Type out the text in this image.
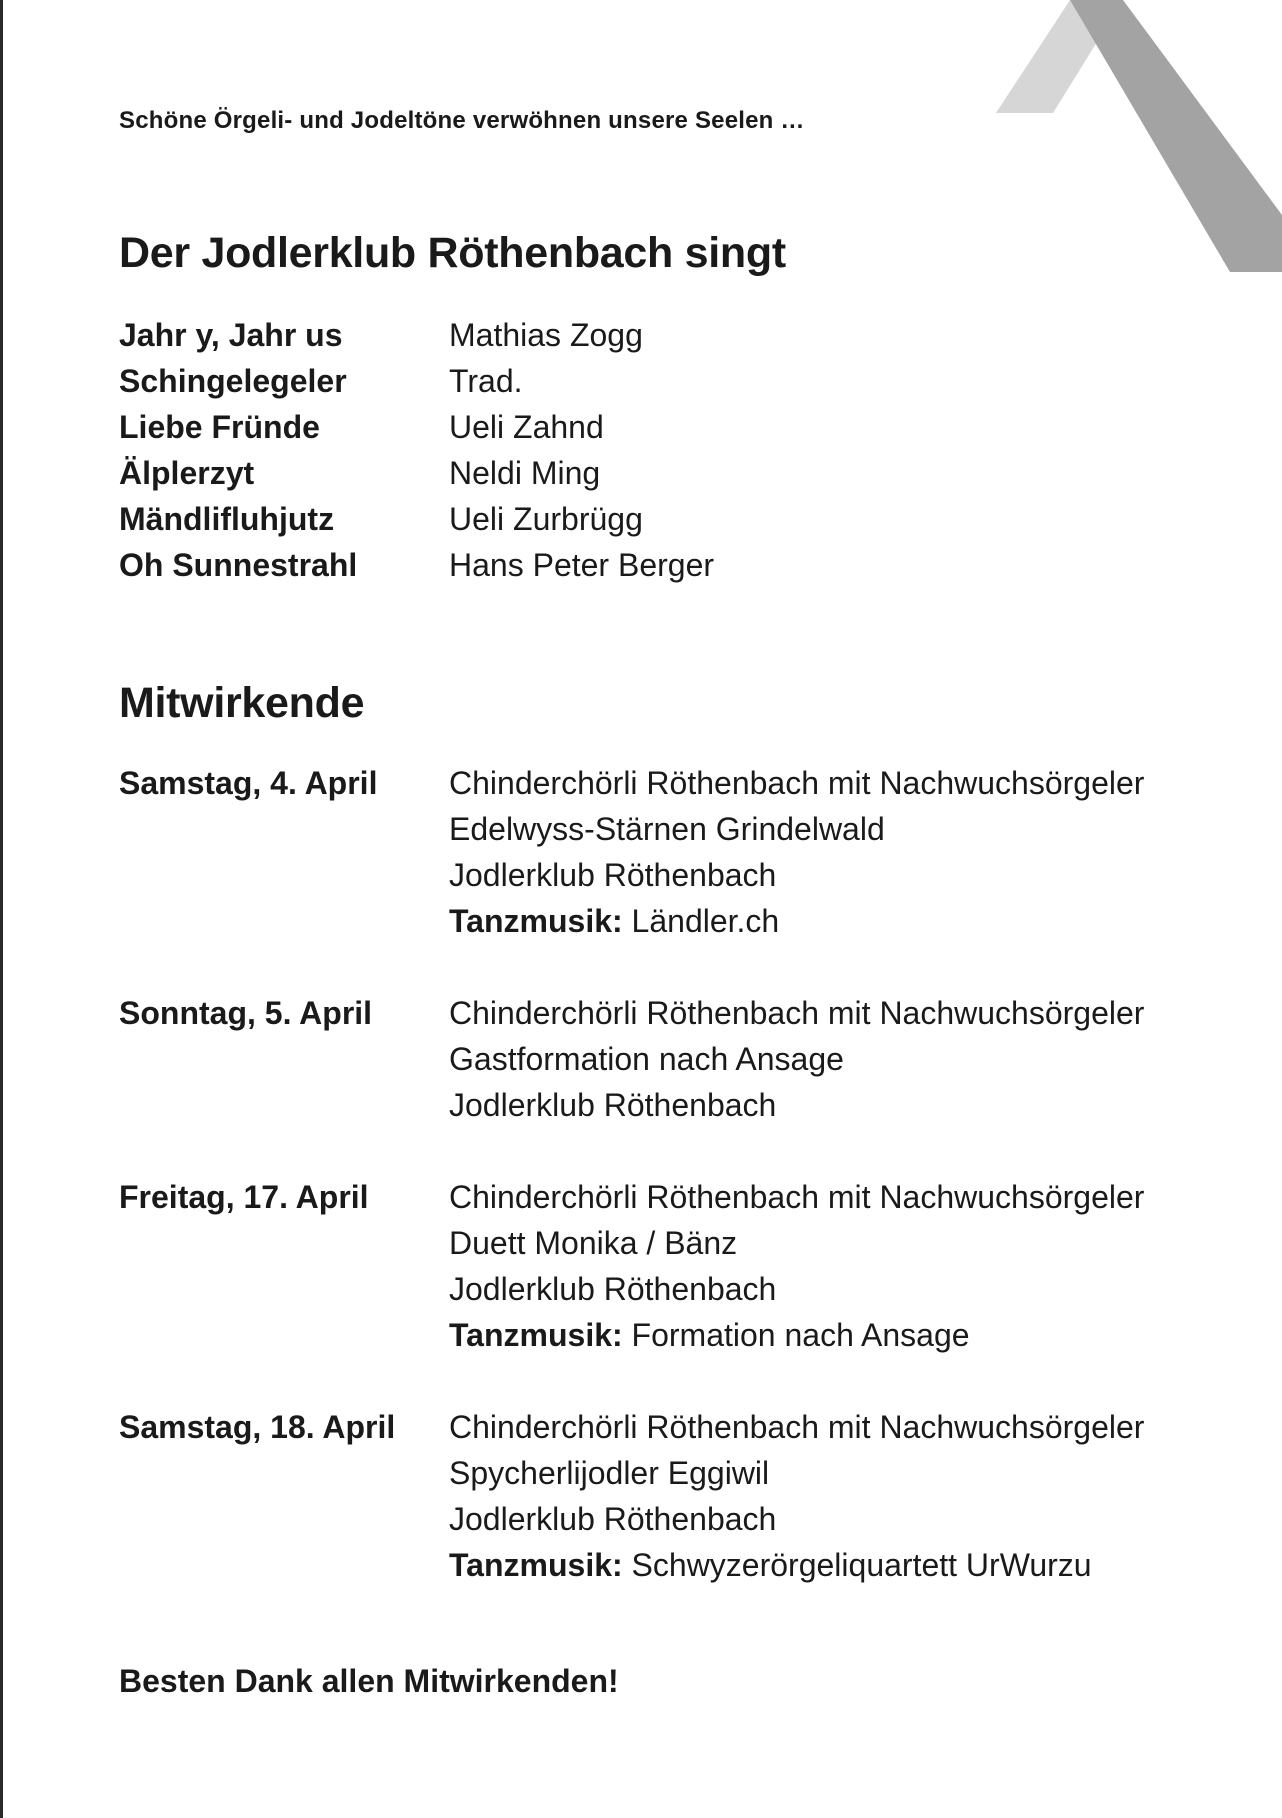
Schöne Örgeli- und Jodeltöne verwöhnen unsere Seelen …

Der Jodlerklub Röthenbach singt
Jahr y, Jahr us	Mathias Zogg
Schingelegeler	Trad.
Liebe Fründe	Ueli Zahnd
Älplerzyt	Neldi Ming
Mändlifluhjutz	Ueli Zurbrügg
Oh Sunnestrahl	Hans Peter Berger
Mitwirkende
Samstag, 4. April	Chinderchörli Röthenbach mit Nachwuchsörgeler
Edelwyss-Stärnen Grindelwald
Jodlerklub Röthenbach
Tanzmusik: Ländler.ch
Sonntag, 5. April	Chinderchörli Röthenbach mit Nachwuchsörgeler
Gastformation nach Ansage
Jodlerklub Röthenbach
Freitag, 17. April	Chinderchörli Röthenbach mit Nachwuchsörgeler
Duett Monika / Bänz
Jodlerklub Röthenbach
Tanzmusik: Formation nach Ansage
Samstag, 18. April	Chinderchörli Röthenbach mit Nachwuchsörgeler
Spycherlijodler Eggiwil
Jodlerklub Röthenbach
Tanzmusik: Schwyzerörgeliquartett UrWurzu

Besten Dank allen Mitwirkenden!
